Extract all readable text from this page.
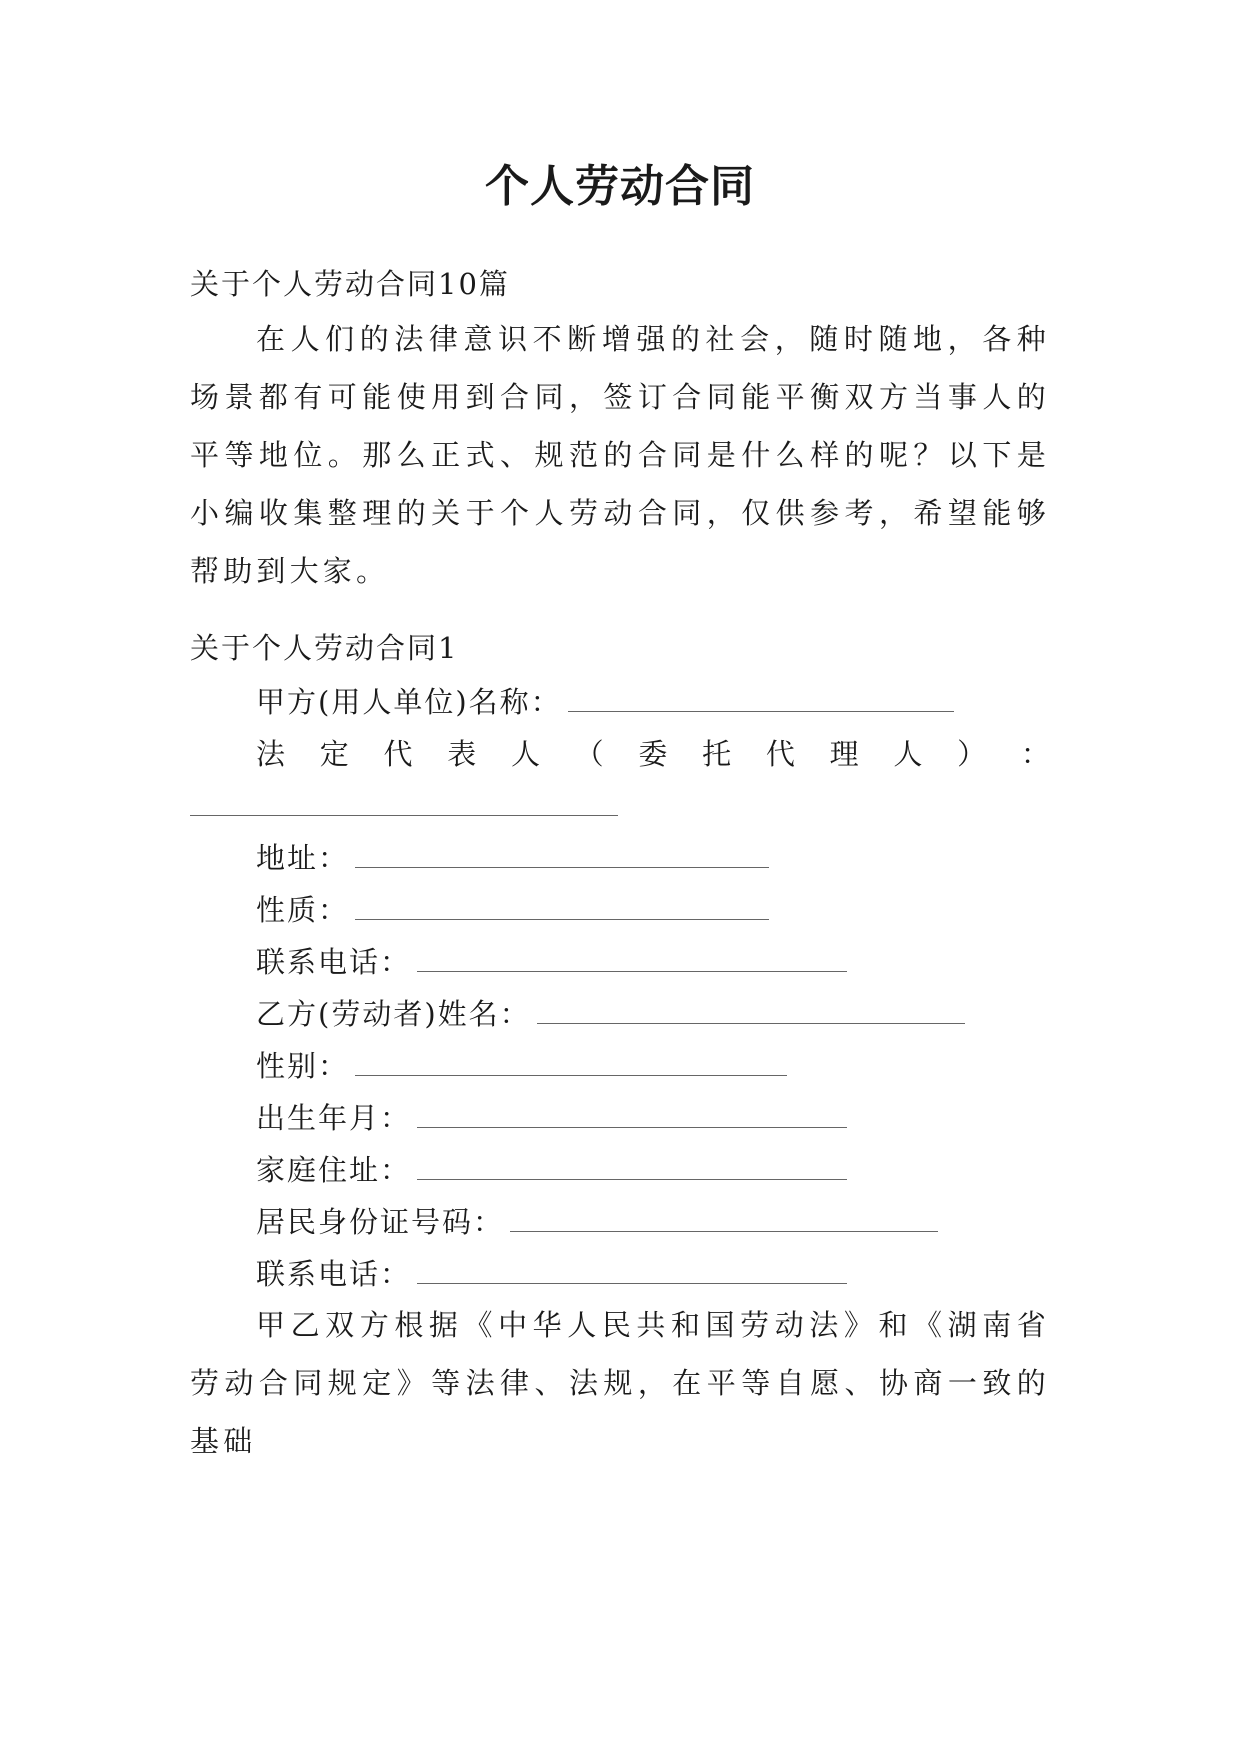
个人劳动合同
关于个人劳动合同10篇

在人们的法律意识不断增强的社会，随时随地，各种场景都有可能使用到合同，签订合同能平衡双方当事人的平等地位。那么正式、规范的合同是什么样的呢？以下是小编收集整理的关于个人劳动合同，仅供参考，希望能够帮助到大家。

关于个人劳动合同1
甲方(用人单位)名称：
法 定 代 表 人 （ 委 托 代 理 人 ） ：
地址：
性质：
联系电话：
乙方(劳动者)姓名：
性别：
出生年月：
家庭住址：
居民身份证号码：
联系电话：

甲乙双方根据《中华人民共和国劳动法》和《湖南省劳动合同规定》等法律、法规，在平等自愿、协商一致的基础
